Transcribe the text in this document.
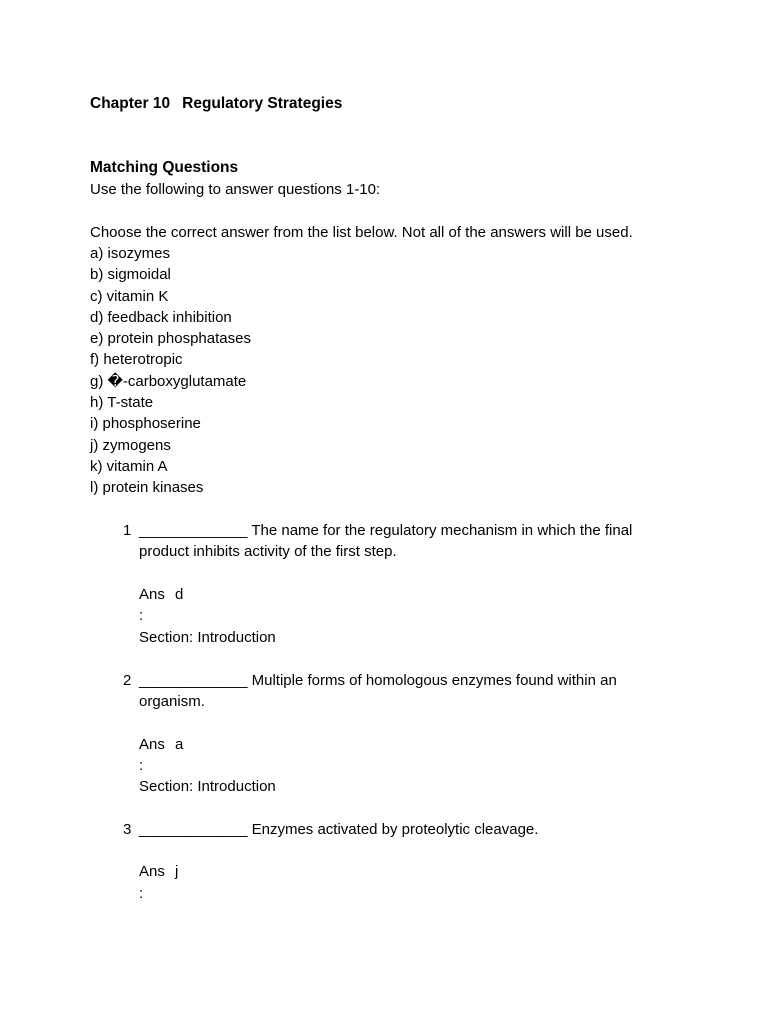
Chapter 10 Regulatory Strategies
Matching Questions
Use the following to answer questions 1-10:
Choose the correct answer from the list below. Not all of the answers will be used.
a) isozymes
b) sigmoidal
c) vitamin K
d) feedback inhibition
e) protein phosphatases
f) heterotropic
g) �-carboxyglutamate
h) T-state
i) phosphoserine
j) zymogens
k) vitamin A
l) protein kinases
1 _____________ The name for the regulatory mechanism in which the final
product inhibits activity of the first step.
Ans d
:
Section: Introduction
2 _____________ Multiple forms of homologous enzymes found within an
organism.
Ans a
:
Section: Introduction
3 _____________ Enzymes activated by proteolytic cleavage.
Ans j
:
